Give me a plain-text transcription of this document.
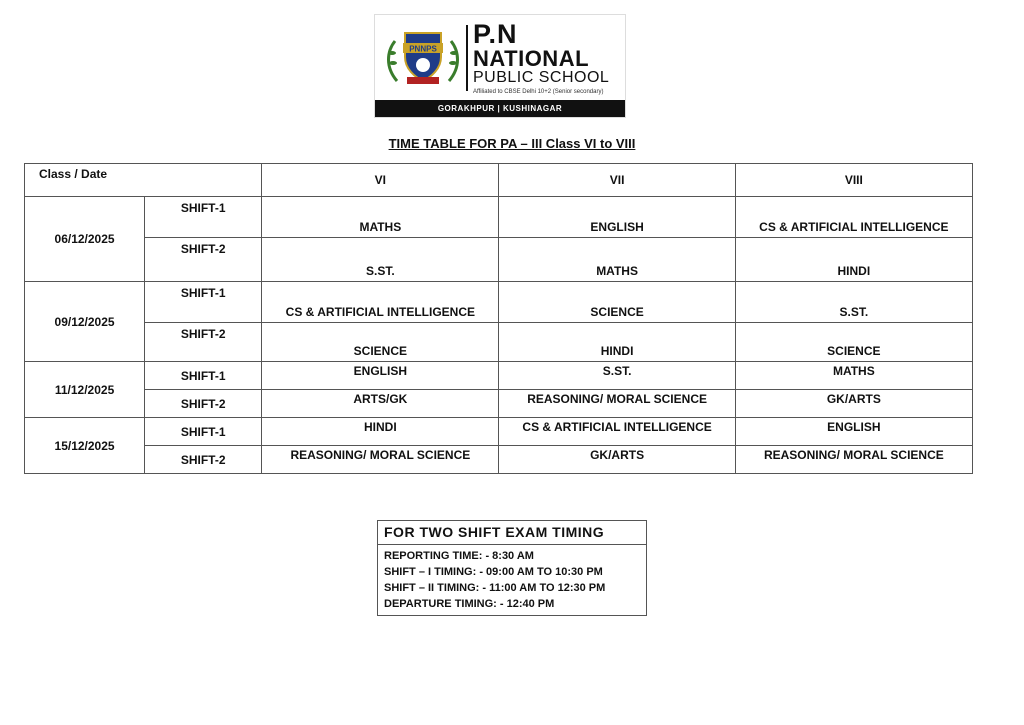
PNNPS P.N
NATIONAL
PUBLIC SCHOOL
Affiliated to CBSE Delhi 10+2 (Senior secondary)
GORAKHPUR | KUSHINAGAR
TIME TABLE FOR PA – III Class VI to VIII
Class / Date		VI	VII	VIII
06/12/2025	SHIFT-1	MATHS	ENGLISH	CS & ARTIFICIAL INTELLIGENCE
	SHIFT-2	S.ST.	MATHS	HINDI
09/12/2025	SHIFT-1	CS & ARTIFICIAL INTELLIGENCE	SCIENCE	S.ST.
	SHIFT-2	SCIENCE	HINDI	SCIENCE
11/12/2025	SHIFT-1	ENGLISH	S.ST.	MATHS
	SHIFT-2	ARTS/GK	REASONING/ MORAL SCIENCE	GK/ARTS
15/12/2025	SHIFT-1	HINDI	CS & ARTIFICIAL INTELLIGENCE	ENGLISH
	SHIFT-2	REASONING/ MORAL SCIENCE	GK/ARTS	REASONING/ MORAL SCIENCE
FOR TWO SHIFT EXAM TIMING
REPORTING TIME: - 8:30 AM
SHIFT – I TIMING: - 09:00 AM TO 10:30 PM
SHIFT – II TIMING: - 11:00 AM TO 12:30 PM
DEPARTURE TIMING: - 12:40 PM
